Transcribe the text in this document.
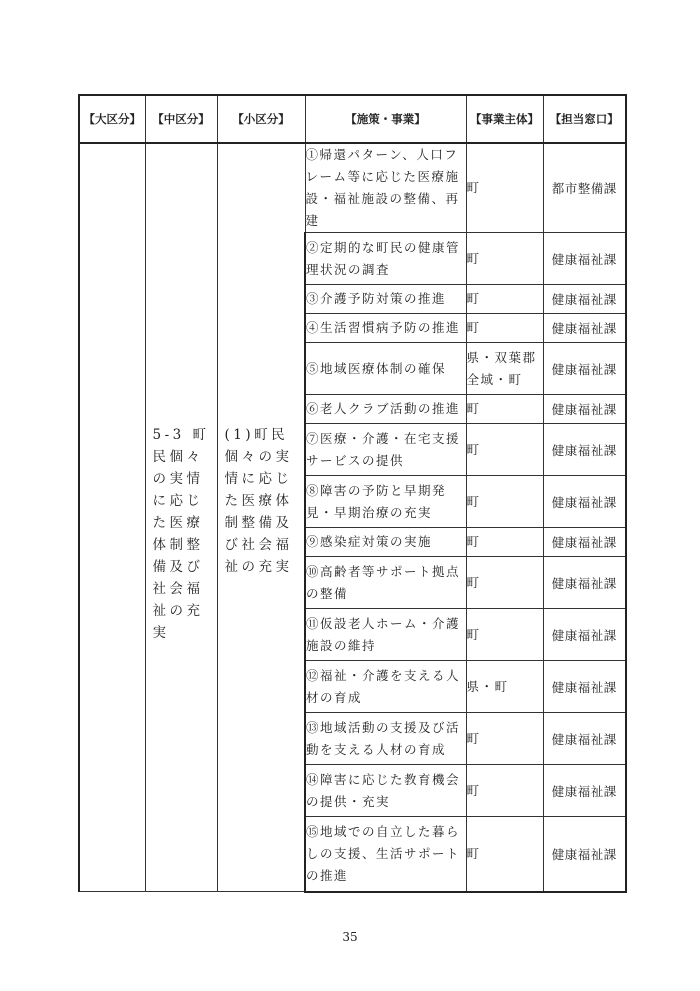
【大区分】	【中区分】	【小区分】	【施策・事業】	【事業主体】	【担当窓口】

	5-3 町民個々の実情に応じた医療体制整備及び社会福祉の充実	(1)町民個々の実情に応じた医療体制整備及び社会福祉の充実	①帰還パターン、人口フレーム等に応じた医療施設・福祉施設の整備、再建	町	都市整備課
			②定期的な町民の健康管理状況の調査	町	健康福祉課
			③介護予防対策の推進	町	健康福祉課
			④生活習慣病予防の推進	町	健康福祉課
			⑤地域医療体制の確保	県・双葉郡全域・町	健康福祉課
			⑥老人クラブ活動の推進	町	健康福祉課
			⑦医療・介護・在宅支援サービスの提供	町	健康福祉課
			⑧障害の予防と早期発見・早期治療の充実	町	健康福祉課
			⑨感染症対策の実施	町	健康福祉課
			⑩高齢者等サポート拠点の整備	町	健康福祉課
			⑪仮設老人ホーム・介護施設の維持	町	健康福祉課
			⑫福祉・介護を支える人材の育成	県・町	健康福祉課
			⑬地域活動の支援及び活動を支える人材の育成	町	健康福祉課
			⑭障害に応じた教育機会の提供・充実	町	健康福祉課
			⑮地域での自立した暮らしの支援、生活サポートの推進	町	健康福祉課
35
